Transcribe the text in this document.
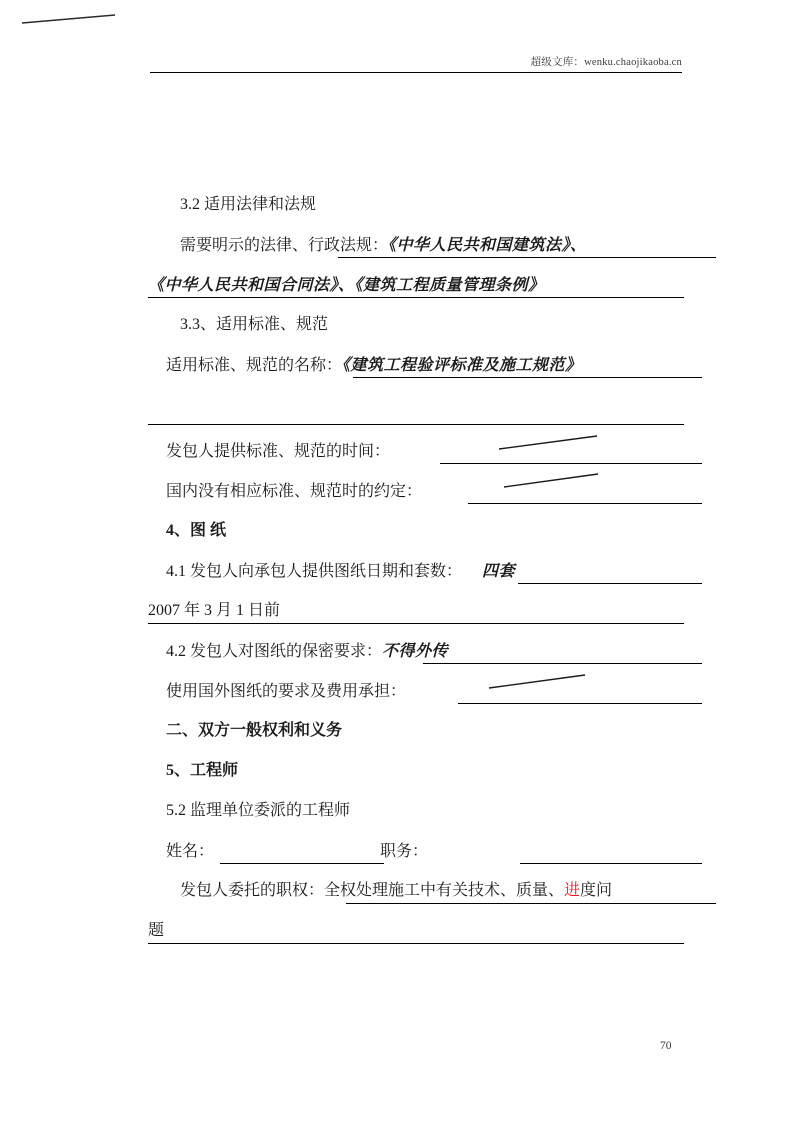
超级文库：wenku.chaojikaoba.cn
3.2 适用法律和法规
需要明示的法律、行政法规：《中华人民共和国建筑法》、
《中华人民共和国合同法》、《建筑工程质量管理条例》
3.3、适用标准、规范
适用标准、规范的名称：《建筑工程验评标准及施工规范》
发包人提供标准、规范的时间：
国内没有相应标准、规范时的约定：
4、图 纸
4.1 发包人向承包人提供图纸日期和套数： 四套
2007 年 3 月 1 日前
4.2 发包人对图纸的保密要求：不得外传
使用国外图纸的要求及费用承担：
二、双方一般权利和义务
5、工程师
5.2 监理单位委派的工程师
姓名：	职务：
发包人委托的职权：全权处理施工中有关技术、质量、进度问
题
70
